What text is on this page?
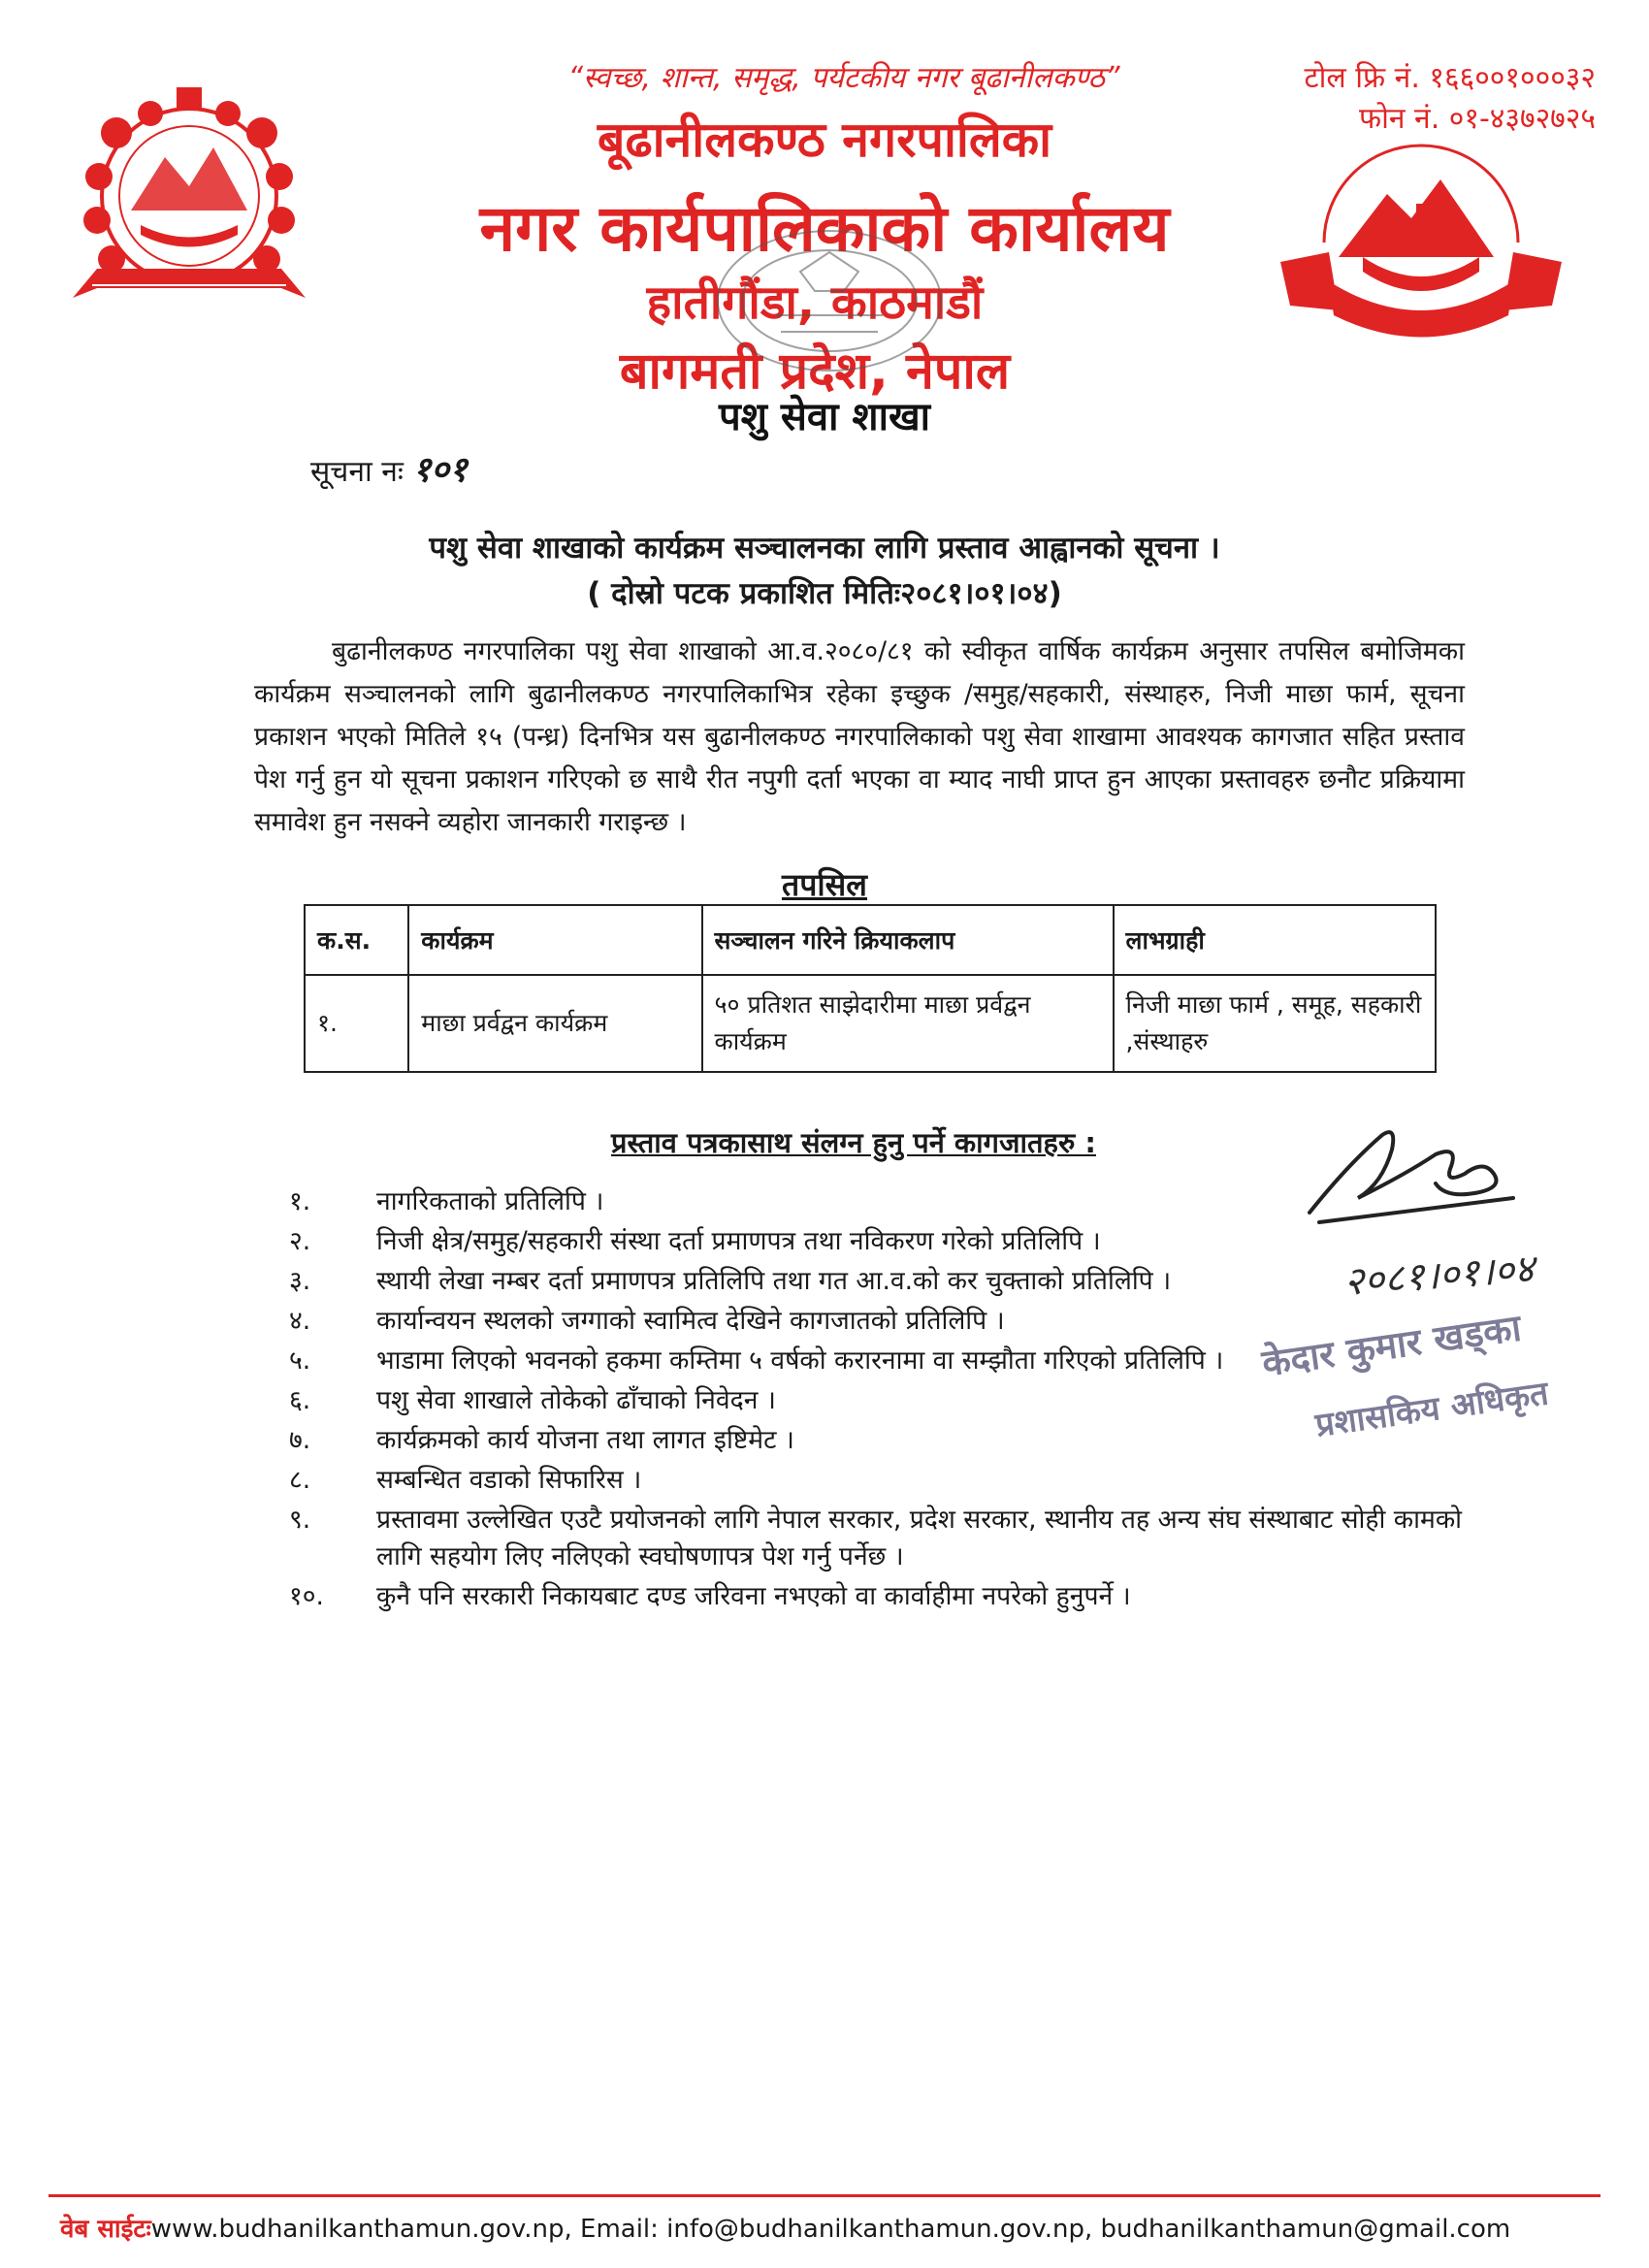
“स्वच्छ, शान्त, समृद्ध, पर्यटकीय नगर बूढानीलकण्ठ”
बूढानीलकण्ठ नगरपालिका
नगर कार्यपालिकाको कार्यालय
हातीगौंडा, काठमाडौं
बागमती प्रदेश, नेपाल
पशु सेवा शाखा
टोल फ्रि नं. १६६००१०००३२
फोन नं. ०१-४३७२७२५
सूचना नः १०१
पशु सेवा शाखाको कार्यक्रम सञ्चालनका लागि प्रस्ताव आह्वानको सूचना ।
( दोस्रो पटक प्रकाशित मितिः२०८१।०१।०४)
बुढानीलकण्ठ नगरपालिका पशु सेवा शाखाको आ.व.२०८०/८१ को स्वीकृत वार्षिक कार्यक्रम अनुसार तपसिल बमोजिमका कार्यक्रम सञ्चालनको लागि बुढानीलकण्ठ नगरपालिकाभित्र रहेका इच्छुक /समुह/सहकारी, संस्थाहरु, निजी माछा फार्म, सूचना प्रकाशन भएको मितिले १५ (पन्ध्र) दिनभित्र यस बुढानीलकण्ठ नगरपालिकाको पशु सेवा शाखामा आवश्यक कागजात सहित प्रस्ताव पेश गर्नु हुन यो सूचना प्रकाशन गरिएको छ साथै रीत नपुगी दर्ता भएका वा म्याद नाघी प्राप्त हुन आएका प्रस्तावहरु छनौट प्रक्रियामा समावेश हुन नसक्ने व्यहोरा जानकारी गराइन्छ ।
तपसिल
क.स.	कार्यक्रम	सञ्चालन गरिने क्रियाकलाप	लाभग्राही
१.	माछा प्रर्वद्वन कार्यक्रम	५० प्रतिशत साझेदारीमा माछा प्रर्वद्वन कार्यक्रम	निजी माछा फार्म , समूह, सहकारी ,संस्थाहरु
प्रस्ताव पत्रकासाथ संलग्न हुनु पर्ने कागजातहरु :
१.	नागरिकताको प्रतिलिपि ।
२.	निजी क्षेत्र/समुह/सहकारी संस्था दर्ता प्रमाणपत्र तथा नविकरण गरेको प्रतिलिपि ।
३.	स्थायी लेखा नम्बर दर्ता प्रमाणपत्र प्रतिलिपि तथा गत आ.व.को कर चुक्ताको प्रतिलिपि ।
४.	कार्यान्वयन स्थलको जग्गाको स्वामित्व देखिने कागजातको प्रतिलिपि ।
५.	भाडामा लिएको भवनको हकमा कम्तिमा ५ वर्षको करारनामा वा सम्झौता गरिएको प्रतिलिपि ।
६.	पशु सेवा शाखाले तोकेको ढाँचाको निवेदन ।
७.	कार्यक्रमको कार्य योजना तथा लागत इष्टिमेट ।
८.	सम्बन्धित वडाको सिफारिस ।
९.	प्रस्तावमा उल्लेखित एउटै प्रयोजनको लागि नेपाल सरकार, प्रदेश सरकार, स्थानीय तह अन्य संघ संस्थाबाट सोही कामको लागि सहयोग लिए नलिएको स्वघोषणापत्र पेश गर्नु पर्नेछ ।
१०.	कुनै पनि सरकारी निकायबाट दण्ड जरिवना नभएको वा कार्वाहीमा नपरेको हुनुपर्ने ।
२०८१।०१।०४
केदार कुमार खड्का
प्रशासकिय अधिकृत
वेब साईटःwww.budhanilkanthamun.gov.np, Email: info@budhanilkanthamun.gov.np, budhanilkanthamun@gmail.com
